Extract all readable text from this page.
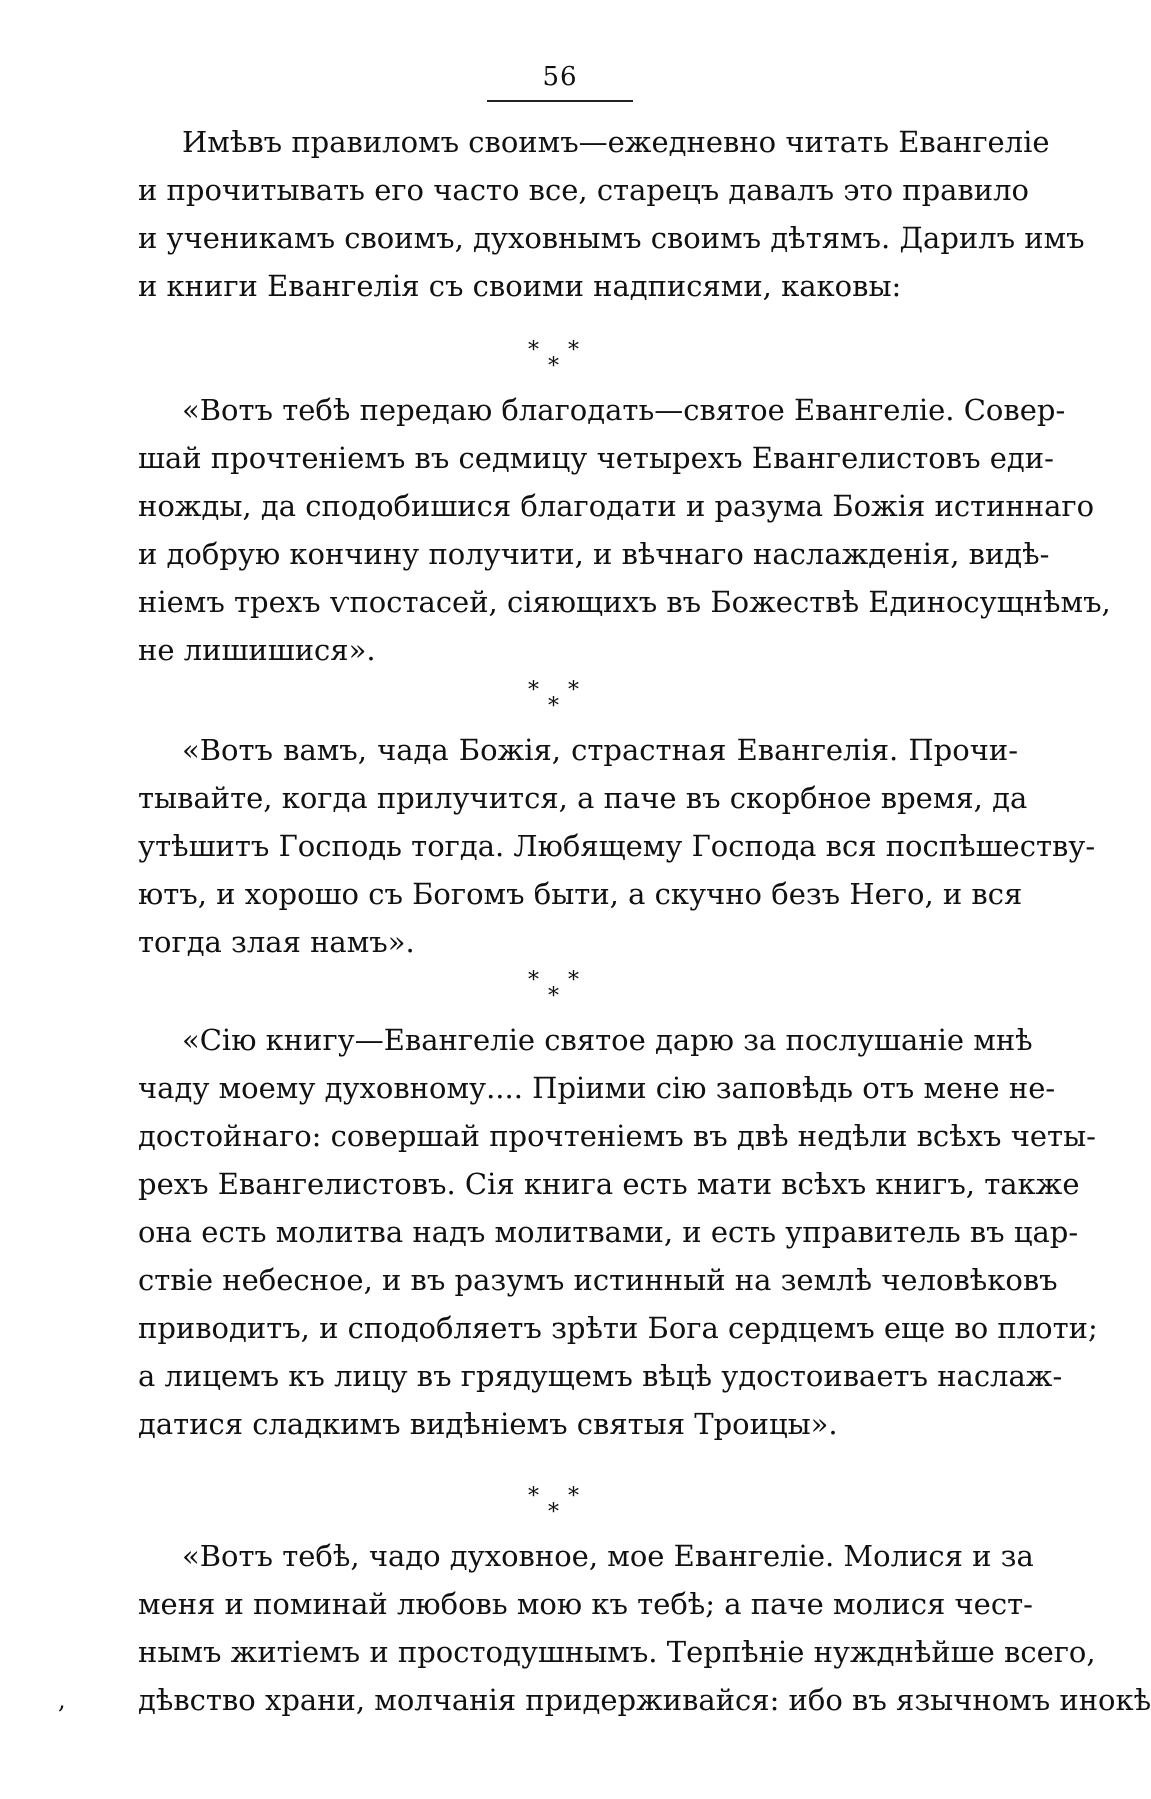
56
Имѣвъ правиломъ своимъ—ежедневно читать Евангеліе
и прочитывать его часто все, старецъ давалъ это правило
и ученикамъ своимъ, духовнымъ своимъ дѣтямъ. Дарилъ имъ
и книги Евангелія съ своими надписями, каковы:
* *
*
«Вотъ тебѣ передаю благодать—святое Евангеліе. Совер-
шай прочтеніемъ въ седмицу четырехъ Евангелистовъ еди-
ножды, да сподобишися благодати и разума Божія истиннаго
и добрую кончину получити, и вѣчнаго наслажденія, видѣ-
ніемъ трехъ ѵпостасей, сіяющихъ въ Божествѣ Единосущнѣмъ,
не лишишися».
* *
*
«Вотъ вамъ, чада Божія, страстная Евангелія. Прочи-
тывайте, когда прилучится, а паче въ скорбное время, да
утѣшитъ Господь тогда. Любящему Господа вся поспѣшеству-
ютъ, и хорошо съ Богомъ быти, а скучно безъ Него, и вся
тогда злая намъ».
* *
*
«Сію книгу—Евангеліе святое дарю за послушаніе мнѣ
чаду моему духовному.... Пріими сію заповѣдь отъ мене не-
достойнаго: совершай прочтеніемъ въ двѣ недѣли всѣхъ четы-
рехъ Евангелистовъ. Сія книга есть мати всѣхъ книгъ, также
она есть молитва надъ молитвами, и есть управитель въ цар-
ствіе небесное, и въ разумъ истинный на землѣ человѣковъ
приводитъ, и сподобляетъ зрѣти Бога сердцемъ еще во плоти;
а лицемъ къ лицу въ грядущемъ вѣцѣ удостоиваетъ наслаж-
датися сладкимъ видѣніемъ святыя Троицы».
* *
*
«Вотъ тебѣ, чадо духовное, мое Евангеліе. Молися и за
меня и поминай любовь мою къ тебѣ; а паче молися чест-
нымъ житіемъ и простодушнымъ. Терпѣніе нужднѣйше всего,
дѣвство храни, молчанія придерживайся: ибо въ язычномъ инокѣ
,
